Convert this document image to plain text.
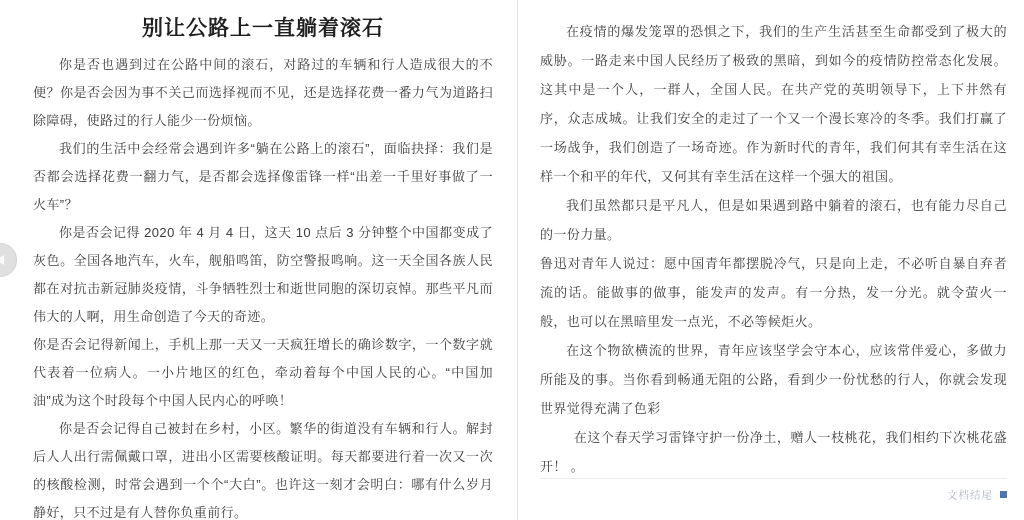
别让公路上一直躺着滚石

你是否也遇到过在公路中间的滚石，对路过的车辆和行人造成很大的不便？你是否会因为事不关己而选择视而不见，还是选择花费一番力气为道路扫除障碍，使路过的行人能少一份烦恼。

我们的生活中会经常会遇到许多“躺在公路上的滚石”，面临抉择：我们是否都会选择花费一翻力气，是否都会选择像雷锋一样“出差一千里好事做了一火车”？

你是否会记得 2020 年 4 月 4 日，这天 10 点后 3 分钟整个中国都变成了灰色。全国各地汽车，火车，舰船鸣笛，防空警报鸣响。这一天全国各族人民都在对抗击新冠肺炎疫情，斗争牺牲烈士和逝世同胞的深切哀悼。那些平凡而伟大的人啊，用生命创造了今天的奇迹。

你是否会记得新闻上，手机上那一天又一天疯狂增长的确诊数字，一个数字就代表着一位病人。一小片地区的红色，牵动着每个中国人民的心。“中国加油”成为这个时段每个中国人民内心的呼唤！

你是否会记得自己被封在乡村，小区。繁华的街道没有车辆和行人。解封后人人出行需佩戴口罩，进出小区需要核酸证明。每天都要进行着一次又一次的核酸检测，时常会遇到一个个“大白”。也许这一刻才会明白：哪有什么岁月静好，只不过是有人替你负重前行。

在疫情的爆发笼罩的恐惧之下，我们的生产生活甚至生命都受到了极大的威胁。一路走来中国人民经历了极致的黑暗，到如今的疫情防控常态化发展。这其中是一个人，一群人，全国人民。在共产党的英明领导下，上下井然有序，众志成城。让我们安全的走过了一个又一个漫长寒冷的冬季。我们打赢了一场战争，我们创造了一场奇迹。作为新时代的青年，我们何其有幸生活在这样一个和平的年代，又何其有幸生活在这样一个强大的祖国。

我们虽然都只是平凡人，但是如果遇到路中躺着的滚石，也有能力尽自己的一份力量。

鲁迅对青年人说过：愿中国青年都摆脱冷气，只是向上走，不必听自暴自弃者流的话。能做事的做事，能发声的发声。有一分热，发一分光。就令萤火一般，也可以在黑暗里发一点光，不必等候炬火。

在这个物欲横流的世界，青年应该坚学会守本心，应该常伴爱心，多做力所能及的事。当你看到畅通无阻的公路，看到少一份忧愁的行人，你就会发现世界觉得充满了色彩

在这个春天学习雷锋守护一份净土，赠人一枝桃花，我们相约下次桃花盛开！ 。

文档结尾
